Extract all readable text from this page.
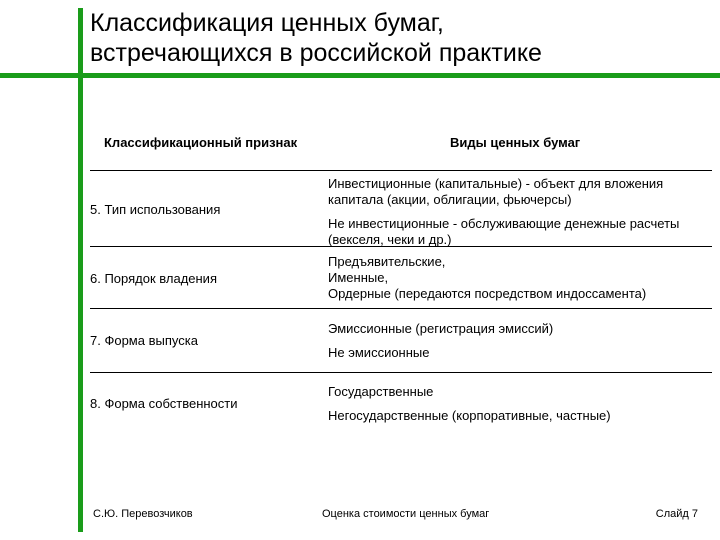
Классификация ценных бумаг,
встречающихся в российской практике
Классификационный признак	Виды ценных бумаг
5. Тип использования
Инвестиционные (капитальные) - объект для вложения
капитала (акции, облигации, фьючерсы)
Не инвестиционные - обслуживающие денежные расчеты
(векселя, чеки и др.)
6. Порядок владения
Предъявительские,
Именные,
Ордерные (передаются посредством индоссамента)
7. Форма выпуска
Эмиссионные (регистрация эмиссий)
Не эмиссионные
8. Форма собственности
Государственные
Негосударственные (корпоративные, частные)
С.Ю. Перевозчиков	Оценка стоимости ценных бумаг	Слайд 7
